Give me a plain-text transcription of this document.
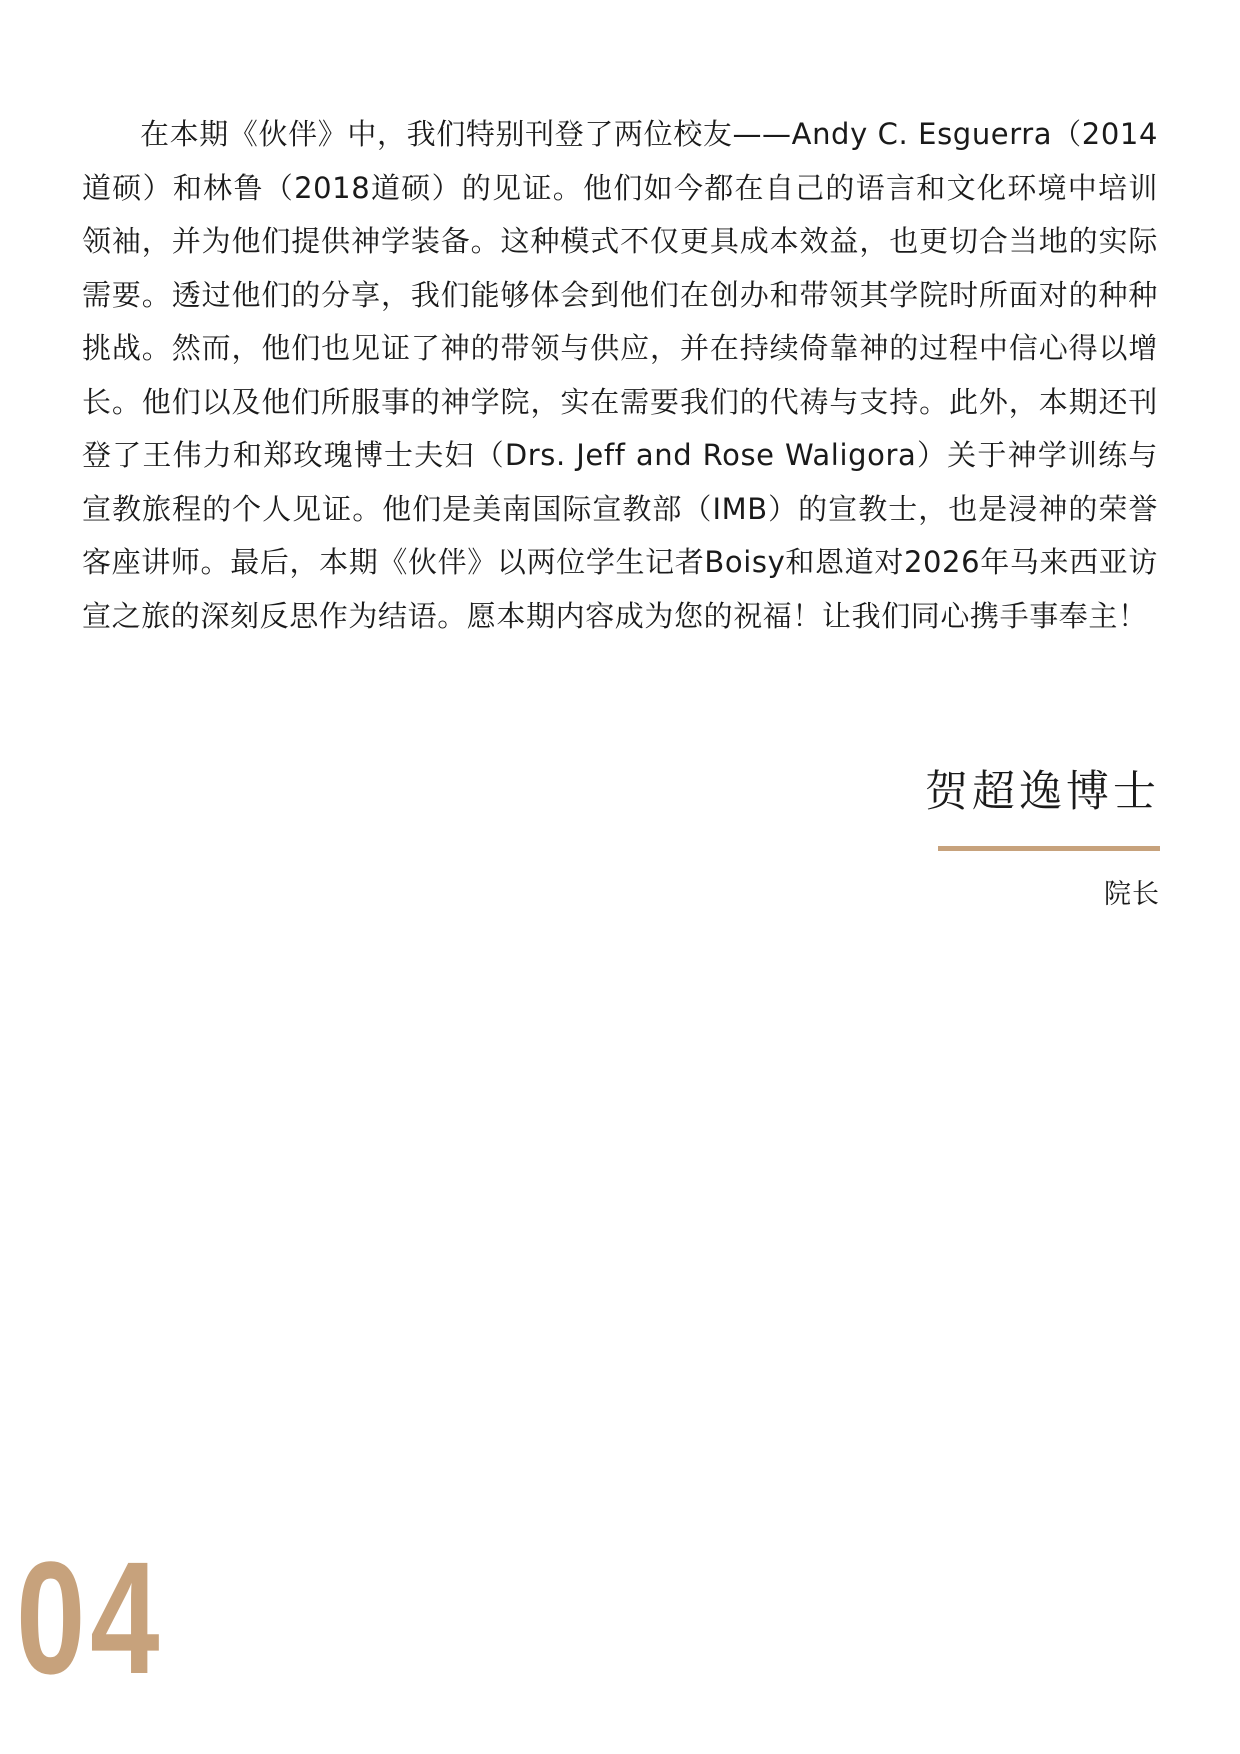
在本期《伙伴》中，我们特别刊登了两位校友——Andy C. Esguerra（2014道硕）和林鲁（2018道硕）的见证。他们如今都在自己的语言和文化环境中培训领袖，并为他们提供神学装备。这种模式不仅更具成本效益，也更切合当地的实际需要。透过他们的分享，我们能够体会到他们在创办和带领其学院时所面对的种种挑战。然而，他们也见证了神的带领与供应，并在持续倚靠神的过程中信心得以增长。他们以及他们所服事的神学院，实在需要我们的代祷与支持。此外，本期还刊登了王伟力和郑玫瑰博士夫妇（Drs. Jeff and Rose Waligora）关于神学训练与宣教旅程的个人见证。他们是美南国际宣教部（IMB）的宣教士，也是浸神的荣誉客座讲师。最后，本期《伙伴》以两位学生记者Boisy和恩道对2026年马来西亚访宣之旅的深刻反思作为结语。愿本期内容成为您的祝福！让我们同心携手事奉主！

贺超逸博士

院长
04
